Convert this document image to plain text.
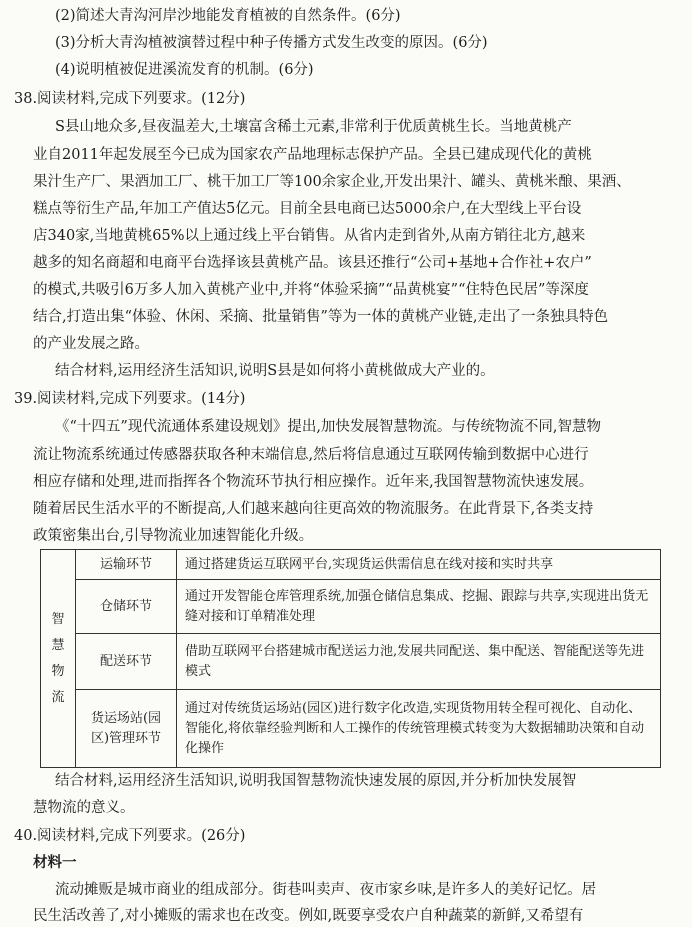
(2)简述大青沟河岸沙地能发育植被的自然条件。(6分)
(3)分析大青沟植被演替过程中种子传播方式发生改变的原因。(6分)
(4)说明植被促进溪流发育的机制。(6分)
38.阅读材料,完成下列要求。(12分)
S县山地众多,昼夜温差大,土壤富含稀土元素,非常利于优质黄桃生长。当地黄桃产
业自2011年起发展至今已成为国家农产品地理标志保护产品。全县已建成现代化的黄桃
果汁生产厂、果酒加工厂、桃干加工厂等100余家企业,开发出果汁、罐头、黄桃米酿、果酒、
糕点等衍生产品,年加工产值达5亿元。目前全县电商已达5000余户,在大型线上平台设
店340家,当地黄桃65%以上通过线上平台销售。从省内走到省外,从南方销往北方,越来
越多的知名商超和电商平台选择该县黄桃产品。该县还推行“公司+基地+合作社+农户”
的模式,共吸引6万多人加入黄桃产业中,并将“体验采摘”“品黄桃宴”“住特色民居”等深度
结合,打造出集“体验、休闲、采摘、批量销售”等为一体的黄桃产业链,走出了一条独具特色
的产业发展之路。
结合材料,运用经济生活知识,说明S县是如何将小黄桃做成大产业的。
39.阅读材料,完成下列要求。(14分)
《“十四五”现代流通体系建设规划》提出,加快发展智慧物流。与传统物流不同,智慧物
流让物流系统通过传感器获取各种末端信息,然后将信息通过互联网传输到数据中心进行
相应存储和处理,进而指挥各个物流环节执行相应操作。近年来,我国智慧物流快速发展。
随着居民生活水平的不断提高,人们越来越向往更高效的物流服务。在此背景下,各类支持
政策密集出台,引导物流业加速智能化升级。
智
慧
物
流	运输环节	通过搭建货运互联网平台,实现货运供需信息在线对接和实时共享
	仓储环节	通过开发智能仓库管理系统,加强仓储信息集成、挖掘、跟踪与共享,实现进出货无缝对接和订单精准处理
	配送环节	借助互联网平台搭建城市配送运力池,发展共同配送、集中配送、智能配送等先进模式
	货运场站(园区)管理环节	通过对传统货运场站(园区)进行数字化改造,实现货物用转全程可视化、自动化、智能化,将依靠经验判断和人工操作的传统管理模式转变为大数据辅助决策和自动化操作
结合材料,运用经济生活知识,说明我国智慧物流快速发展的原因,并分析加快发展智
慧物流的意义。
40.阅读材料,完成下列要求。(26分)
材料一
流动摊贩是城市商业的组成部分。街巷叫卖声、夜市家乡味,是许多人的美好记忆。居
民生活改善了,对小摊贩的需求也在改变。例如,既要享受农户自种蔬菜的新鲜,又希望有
